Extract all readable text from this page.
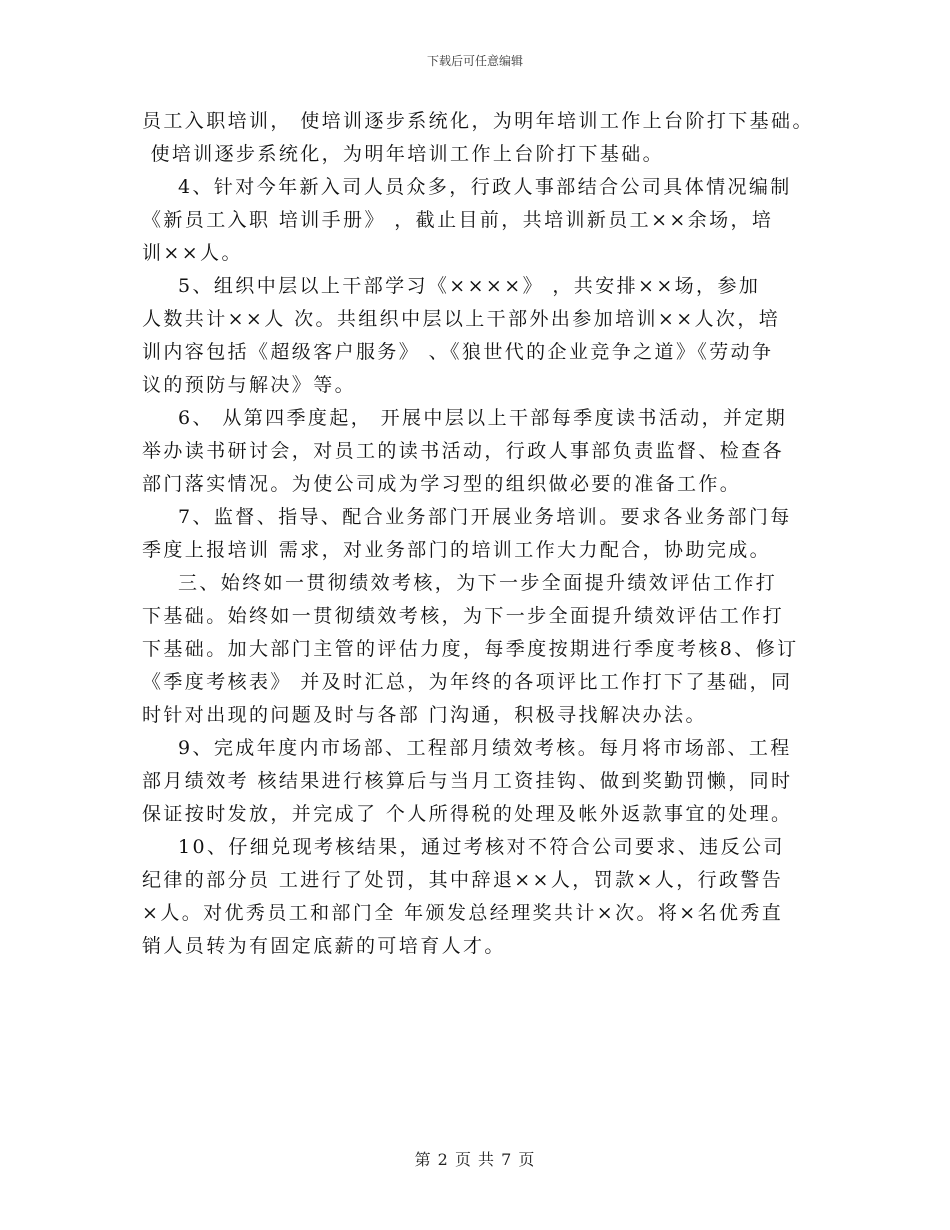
下载后可任意编辑
员工入职培训， 使培训逐步系统化，为明年培训工作上台阶打下基础。
使培训逐步系统化，为明年培训工作上台阶打下基础。
4、针对今年新入司人员众多，行政人事部结合公司具体情况编制
《新员工入职 培训手册》 ，截止目前，共培训新员工××余场，培
训××人。
5、组织中层以上干部学习《××××》 ，共安排××场，参加
人数共计××人 次。共组织中层以上干部外出参加培训××人次，培
训内容包括《超级客户服务》 、《狼世代的企业竞争之道》《劳动争
议的预防与解决》等。
6、 从第四季度起， 开展中层以上干部每季度读书活动，并定期
举办读书研讨会，对员工的读书活动，行政人事部负责监督、检查各
部门落实情况。为使公司成为学习型的组织做必要的准备工作。
7、监督、指导、配合业务部门开展业务培训。要求各业务部门每
季度上报培训 需求，对业务部门的培训工作大力配合，协助完成。
三、始终如一贯彻绩效考核，为下一步全面提升绩效评估工作打
下基础。始终如一贯彻绩效考核，为下一步全面提升绩效评估工作打
下基础。加大部门主管的评估力度，每季度按期进行季度考核8、修订
《季度考核表》 并及时汇总，为年终的各项评比工作打下了基础，同
时针对出现的问题及时与各部 门沟通，积极寻找解决办法。
9、完成年度内市场部、工程部月绩效考核。每月将市场部、工程
部月绩效考 核结果进行核算后与当月工资挂钩、做到奖勤罚懒，同时
保证按时发放，并完成了 个人所得税的处理及帐外返款事宜的处理。
10、仔细兑现考核结果，通过考核对不符合公司要求、违反公司
纪律的部分员 工进行了处罚，其中辞退××人，罚款×人，行政警告
×人。对优秀员工和部门全 年颁发总经理奖共计×次。将×名优秀直
销人员转为有固定底薪的可培育人才。
第 2 页 共 7 页
